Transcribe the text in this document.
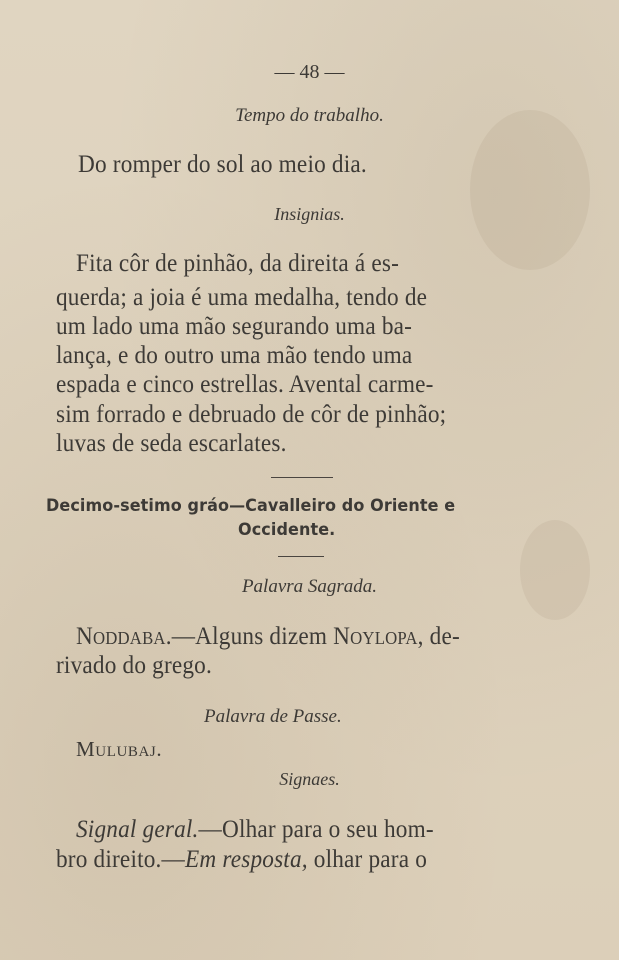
— 48 —
Tempo do trabalho.
Do romper do sol ao meio dia.
Insignias.
Fita côr de pinhão, da direita á es-
querda; a joia é uma medalha, tendo de
um lado uma mão segurando uma ba-
lança, e do outro uma mão tendo uma
espada e cinco estrellas. Avental carme-
sim forrado e debruado de côr de pinhão;
luvas de seda escarlates.
Decimo-setimo gráo—Cavalleiro do Oriente e
Occidente.
Palavra Sagrada.
Noddaba.—Alguns dizem Noylopa, de-
rivado do grego.
Palavra de Passe.
Mulubaj.
Signaes.
Signal geral.—Olhar para o seu hom-
bro direito.—Em resposta, olhar para o
